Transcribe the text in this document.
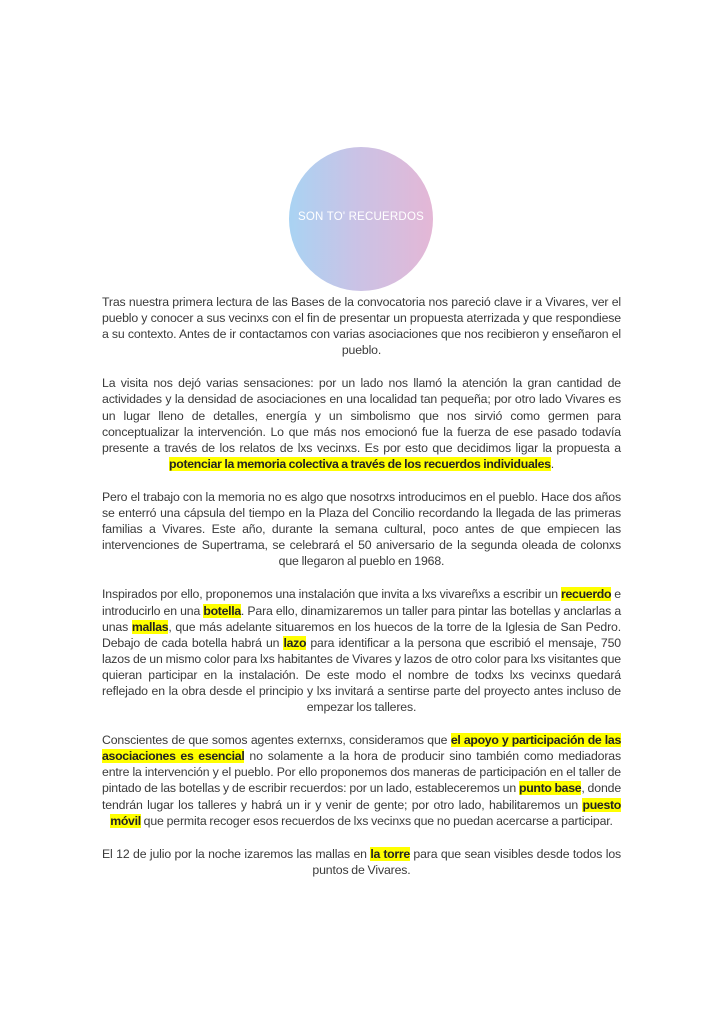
SON TO' RECUERDOS

Tras nuestra primera lectura de las Bases de la convocatoria nos pareció clave ir a Vivares, ver el pueblo y conocer a sus vecinxs con el fin de presentar un propuesta aterrizada y que respondiese a su contexto. Antes de ir contactamos con varias asociaciones que nos recibieron y enseñaron el pueblo.

La visita nos dejó varias sensaciones: por un lado nos llamó la atención la gran cantidad de actividades y la densidad de asociaciones en una localidad tan pequeña; por otro lado Vivares es un lugar lleno de detalles, energía y un simbolismo que nos sirvió como germen para conceptualizar la intervención. Lo que más nos emocionó fue la fuerza de ese pasado todavía presente a través de los relatos de lxs vecinxs. Es por esto que decidimos ligar la propuesta a potenciar la memoria colectiva a través de los recuerdos individuales.

Pero el trabajo con la memoria no es algo que nosotrxs introducimos en el pueblo. Hace dos años se enterró una cápsula del tiempo en la Plaza del Concilio recordando la llegada de las primeras familias a Vivares. Este año, durante la semana cultural, poco antes de que empiecen las intervenciones de Supertrama, se celebrará el 50 aniversario de la segunda oleada de colonxs que llegaron al pueblo en 1968.

Inspirados por ello, proponemos una instalación que invita a lxs vivareñxs a escribir un recuerdo e introducirlo en una botella. Para ello, dinamizaremos un taller para pintar las botellas y anclarlas a unas mallas, que más adelante situaremos en los huecos de la torre de la Iglesia de San Pedro. Debajo de cada botella habrá un lazo para identificar a la persona que escribió el mensaje, 750 lazos de un mismo color para lxs habitantes de Vivares y lazos de otro color para lxs visitantes que quieran participar en la instalación. De este modo el nombre de todxs lxs vecinxs quedará reflejado en la obra desde el principio y lxs invitará a sentirse parte del proyecto antes incluso de empezar los talleres.

Conscientes de que somos agentes externxs, consideramos que el apoyo y participación de las asociaciones es esencial no solamente a la hora de producir sino también como mediadoras entre la intervención y el pueblo. Por ello proponemos dos maneras de participación en el taller de pintado de las botellas y de escribir recuerdos: por un lado, estableceremos un punto base, donde tendrán lugar los talleres y habrá un ir y venir de gente; por otro lado, habilitaremos un puesto móvil que permita recoger esos recuerdos de lxs vecinxs que no puedan acercarse a participar.

El 12 de julio por la noche izaremos las mallas en la torre para que sean visibles desde todos los puntos de Vivares.
